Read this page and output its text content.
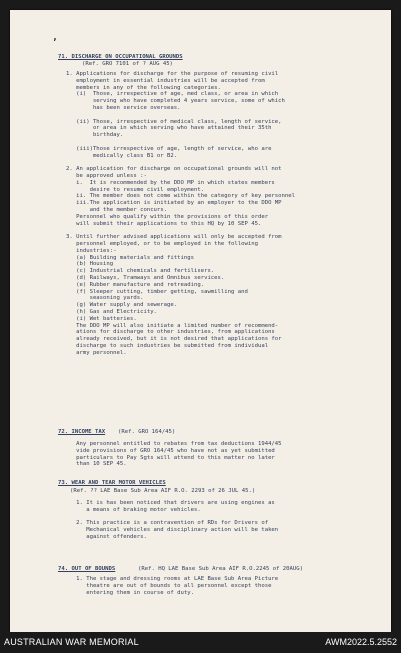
ʼ
71. DISCHARGE ON OCCUPATIONAL GROUNDS
(Ref. GRO 7101 of ? AUG 45)
1. Applications for discharge for the purpose of resuming civil
employment in essential industries will be accepted from
members in any of the following categories.
(i)  Those, irrespective of age, med class, or area in which
serving who have completed 4 years service, some of which
has been service overseas.
(ii) Those, irrespective of medical class, length of service,
or area in which serving who have attained their 35th
birthday.
(iii)Those irrespective of age, length of service, who are
medically class B1 or B2.
2. An application for discharge on occupational grounds will not
be approved unless :-
i.  It is recommended by the DDO MP in which states members
desire to resume civil employment.
ii. The member does not come within the category of key personnel
iii.The application is initiated by an employer to the DDO MP
and the member concurs.
Personnel who qualify within the provisions of this order
will submit their applications to this HQ by 10 SEP 45.
3. Until further advised applications will only be accepted from
personnel employed, or to be employed in the following
industries:-
(a) Building materials and fittings
(b) Housing
(c) Industrial chemicals and fertilisers.
(d) Railways, Tramways and Omnibus services.
(e) Rubber manufacture and retreading.
(f) Sleeper cutting, timber getting, sawmilling and
seasoning yards.
(g) Water supply and sewerage.
(h) Gas and Electricity.
(i) Wet batteries.
The DDO MP will also initiate a limited number of recommend-
ations for discharge to other industries, from applications
already received, but it is not desired that applications for
discharge to such industries be submitted from individual
army personnel.
72. INCOME TAX (Ref. GRO 164/45)
Any personnel entitled to rebates from tax deductions 1944/45
vide provisions of GRO 164/45 who have not as yet submitted
particulars to Pay Sgts will attend to this matter no later
than 10 SEP 45.
73. WEAR AND TEAR MOTOR VEHICLES
(Ref. ?? LAE Base Sub Area AIF R.O. 2293 of 26 JUL 45.)
1. It is has been noticed that drivers are using engines as
a means of braking motor vehicles.
2. This practice is a contravention of RDs for Drivers of
Mechanical vehicles and disciplinary action will be taken
against offenders.
74. OUT OF BOUNDS	(Ref. HQ LAE Base Sub Area AIF R.O.2245 of 20AUG)
1. The stage and dressing rooms at LAE Base Sub Area Picture
theatre are out of bounds to all personnel except those
entering them in course of duty.
AUSTRALIAN WAR MEMORIAL	AWM2022.5.2552
